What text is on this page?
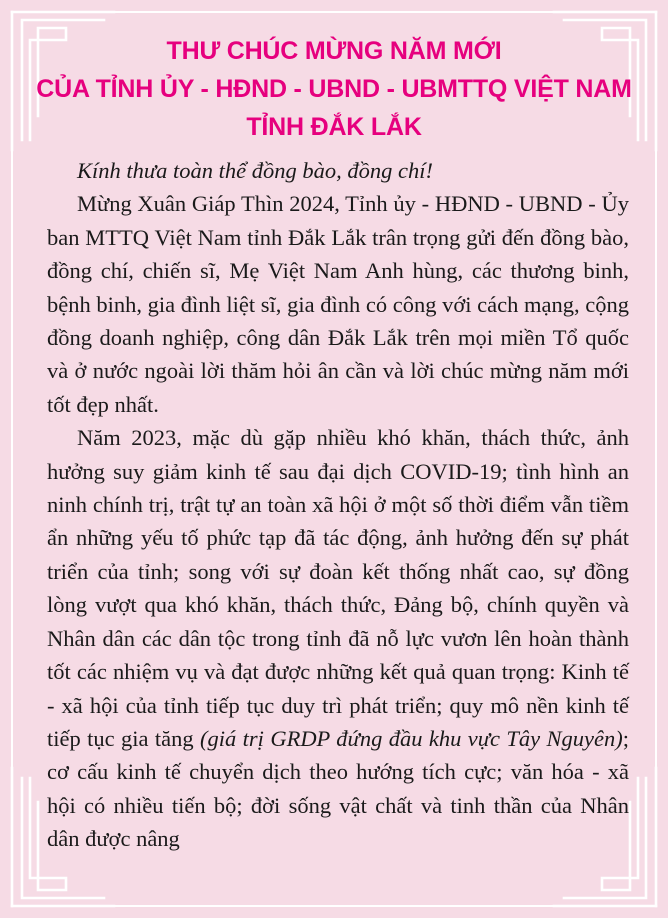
THƯ CHÚC MỪNG NĂM MỚI
CỦA TỈNH ỦY - HĐND - UBND - UBMTTQ VIỆT NAM
TỈNH ĐẮK LẮK

Kính thưa toàn thể đồng bào, đồng chí!

Mừng Xuân Giáp Thìn 2024, Tỉnh ủy - HĐND - UBND - Ủy ban MTTQ Việt Nam tỉnh Đắk Lắk trân trọng gửi đến đồng bào, đồng chí, chiến sĩ, Mẹ Việt Nam Anh hùng, các thương binh, bệnh binh, gia đình liệt sĩ, gia đình có công với cách mạng, cộng đồng doanh nghiệp, công dân Đắk Lắk trên mọi miền Tổ quốc và ở nước ngoài lời thăm hỏi ân cần và lời chúc mừng năm mới tốt đẹp nhất.

Năm 2023, mặc dù gặp nhiều khó khăn, thách thức, ảnh hưởng suy giảm kinh tế sau đại dịch COVID-19; tình hình an ninh chính trị, trật tự an toàn xã hội ở một số thời điểm vẫn tiềm ẩn những yếu tố phức tạp đã tác động, ảnh hưởng đến sự phát triển của tỉnh; song với sự đoàn kết thống nhất cao, sự đồng lòng vượt qua khó khăn, thách thức, Đảng bộ, chính quyền và Nhân dân các dân tộc trong tỉnh đã nỗ lực vươn lên hoàn thành tốt các nhiệm vụ và đạt được những kết quả quan trọng: Kinh tế - xã hội của tỉnh tiếp tục duy trì phát triển; quy mô nền kinh tế tiếp tục gia tăng (giá trị GRDP đứng đầu khu vực Tây Nguyên); cơ cấu kinh tế chuyển dịch theo hướng tích cực; văn hóa - xã hội có nhiều tiến bộ; đời sống vật chất và tinh thần của Nhân dân được nâng
